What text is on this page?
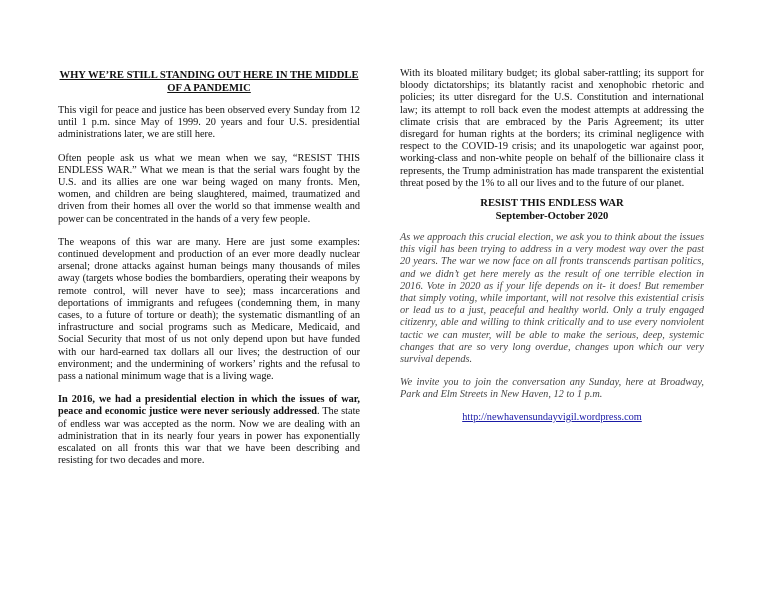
WHY WE’RE STILL STANDING OUT HERE IN THE MIDDLE OF A PANDEMIC

This vigil for peace and justice has been observed every Sunday from 12 until 1 p.m. since May of 1999. 20 years and four U.S. presidential administrations later, we are still here.

Often people ask us what we mean when we say, “RESIST THIS ENDLESS WAR.” What we mean is that the serial wars fought by the U.S. and its allies are one war being waged on many fronts. Men, women, and children are being slaughtered, maimed, traumatized and driven from their homes all over the world so that immense wealth and power can be concentrated in the hands of a very few people.

The weapons of this war are many. Here are just some examples: continued development and production of an ever more deadly nuclear arsenal; drone attacks against human beings many thousands of miles away (targets whose bodies the bombardiers, operating their weapons by remote control, will never have to see); mass incarcerations and deportations of immigrants and refugees (condemning them, in many cases, to a future of torture or death); the systematic dismantling of an infrastructure and social programs such as Medicare, Medicaid, and Social Security that most of us not only depend upon but have funded with our hard-earned tax dollars all our lives; the destruction of our environment; and the undermining of workers’ rights and the refusal to pass a national minimum wage that is a living wage.

In 2016, we had a presidential election in which the issues of war, peace and economic justice were never seriously addressed. The state of endless war was accepted as the norm. Now we are dealing with an administration that in its nearly four years in power has exponentially escalated on all fronts this war that we have been describing and resisting for two decades and more.

With its bloated military budget; its global saber-rattling; its support for bloody dictatorships; its blatantly racist and xenophobic rhetoric and policies; its utter disregard for the U.S. Constitution and international law; its attempt to roll back even the modest attempts at addressing the climate crisis that are embraced by the Paris Agreement; its utter disregard for human rights at the borders; its criminal negligence with respect to the COVID-19 crisis; and its unapologetic war against poor, working-class and non-white people on behalf of the billionaire class it represents, the Trump administration has made transparent the existential threat posed by the 1% to all our lives and to the future of our planet.

RESIST THIS ENDLESS WAR

September-October 2020

As we approach this crucial election, we ask you to think about the issues this vigil has been trying to address in a very modest way over the past 20 years. The war we now face on all fronts transcends partisan politics, and we didn’t get here merely as the result of one terrible election in 2016. Vote in 2020 as if your life depends on it- it does! But remember that simply voting, while important, will not resolve this existential crisis or lead us to a just, peaceful and healthy world. Only a truly engaged citizenry, able and willing to think critically and to use every nonviolent tactic we can muster, will be able to make the serious, deep, systemic changes that are so very long overdue, changes upon which our very survival depends.

We invite you to join the conversation any Sunday, here at Broadway, Park and Elm Streets in New Haven, 12 to 1 p.m.

http://newhavensundayvigil.wordpress.com
